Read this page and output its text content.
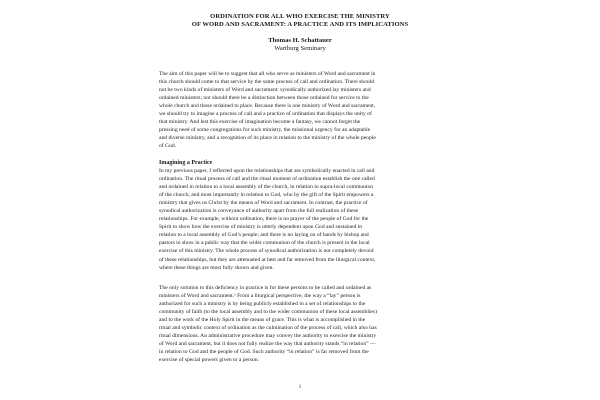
ORDINATION FOR ALL WHO EXERCISE THE MINISTRY
OF WORD AND SACRAMENT: A PRACTICE AND ITS IMPLICATIONS
Thomas H. Schattauer
Wartburg Seminary

The aim of this paper will be to suggest that all who serve as ministers of Word and sacrament in
this church should come to that service by the same process of call and ordination. There should
not be two kinds of ministers of Word and sacrament: synodically authorized lay ministers and
ordained ministers; nor should there be a distinction between those ordained for service to the
whole church and those ordained to place. Because there is one ministry of Word and sacrament,
we should try to imagine a process of call and a practice of ordination that displays the unity of
that ministry. And lest this exercise of imagination become a fantasy, we cannot forget the
pressing need of some congregations for such ministry, the missional urgency for an adaptable
and diverse ministry, and a recognition of its place in relation to the ministry of the whole people
of God.

Imagining a Practice

In my previous paper, I reflected upon the relationships that are symbolically enacted in call and
ordination. The ritual process of call and the ritual moment of ordination establish the one called
and ordained in relation to a local assembly of the church, in relation to supra-local communion
of the church, and most importantly in relation to God, who by the gift of the Spirit empowers a
ministry that gives us Christ by the means of Word and sacrament. In contrast, the practice of
synodical authorization is conveyance of authority apart from the full realization of these
relationships. For example, without ordination, there is no prayer of the people of God for the
Spirit to show how the exercise of ministry is utterly dependent upon God and sustained in
relation to a local assembly of God’s people; and there is no laying on of hands by bishop and
pastors to show in a public way that the wider communion of the church is present in the local
exercise of this ministry. The whole process of synodical authorization is not completely devoid
of these relationships, but they are attenuated at best and far removed from the liturgical context,
where these things are most fully shown and given.

The only solution to this deficiency in practice is for these persons to be called and ordained as
ministers of Word and sacrament.¹ From a liturgical perspective, the way a “lay” person is
authorized for such a ministry is by being publicly established in a set of relationships to the
community of faith (to the local assembly and to the wider communion of these local assemblies)
and to the work of the Holy Spirit in the means of grace. This is what is accomplished in the
ritual and symbolic context of ordination as the culmination of the process of call, which also has
ritual dimensions. An administrative procedure may convey the authority to exercise the ministry
of Word and sacrament, but it does not fully realize the way that authority stands “in relation” —
in relation to God and the people of God. Such authority “in relation” is far removed from the
exercise of special powers given to a person.

1
